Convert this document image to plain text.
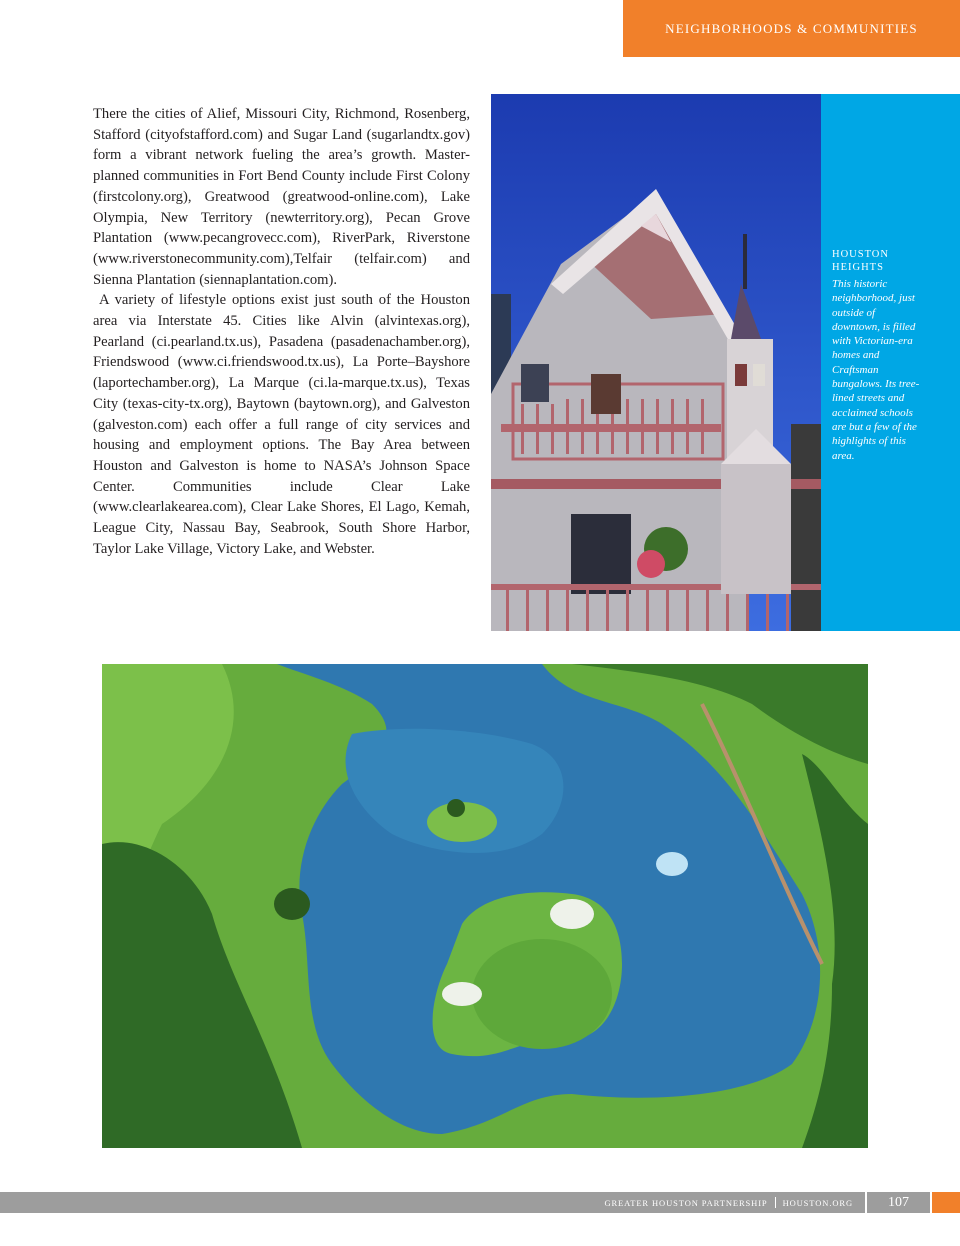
NEIGHBORHOODS & COMMUNITIES

There the cities of Alief, Missouri City, Richmond, Rosenberg, Stafford (cityofstafford.com) and Sugar Land (sugarlandtx.gov) form a vibrant network fueling the area’s growth. Master-planned communities in Fort Bend County include First Colony (firstcolony.org), Greatwood (greatwood-online.com), Lake Olympia, New Territory (newterritory.org), Pecan Grove Plantation (www.pecangrovecc.com), RiverPark, Riverstone (www.riverstonecommunity.com),Telfair (telfair.com) and Sienna Plantation (siennaplantation.com).

A variety of lifestyle options exist just south of the Houston area via Interstate 45. Cities like Alvin (alvintexas.org), Pearland (ci.pearland.tx.us), Pasadena (pasadenachamber.org), Friendswood (www.ci.friendswood.tx.us), La Porte–Bayshore (laportechamber.org), La Marque (ci.la-marque.tx.us), Texas City (texas-city-tx.org), Baytown (baytown.org), and Galveston (galveston.com) each offer a full range of city services and housing and employment options. The Bay Area between Houston and Galveston is home to NASA’s Johnson Space Center. Communities include Clear Lake (www.clearlakearea.com), Clear Lake Shores, El Lago, Kemah, League City, Nassau Bay, Seabrook, South Shore Harbor, Taylor Lake Village, Victory Lake, and Webster.

HOUSTON HEIGHTS
This historic neighborhood, just outside of downtown, is filled with Victorian-era homes and Craftsman bungalows. Its tree-lined streets and acclaimed schools are but a few of the highlights of this area.
GREATER HOUSTON PARTNERSHIP HOUSTON.ORG	107
